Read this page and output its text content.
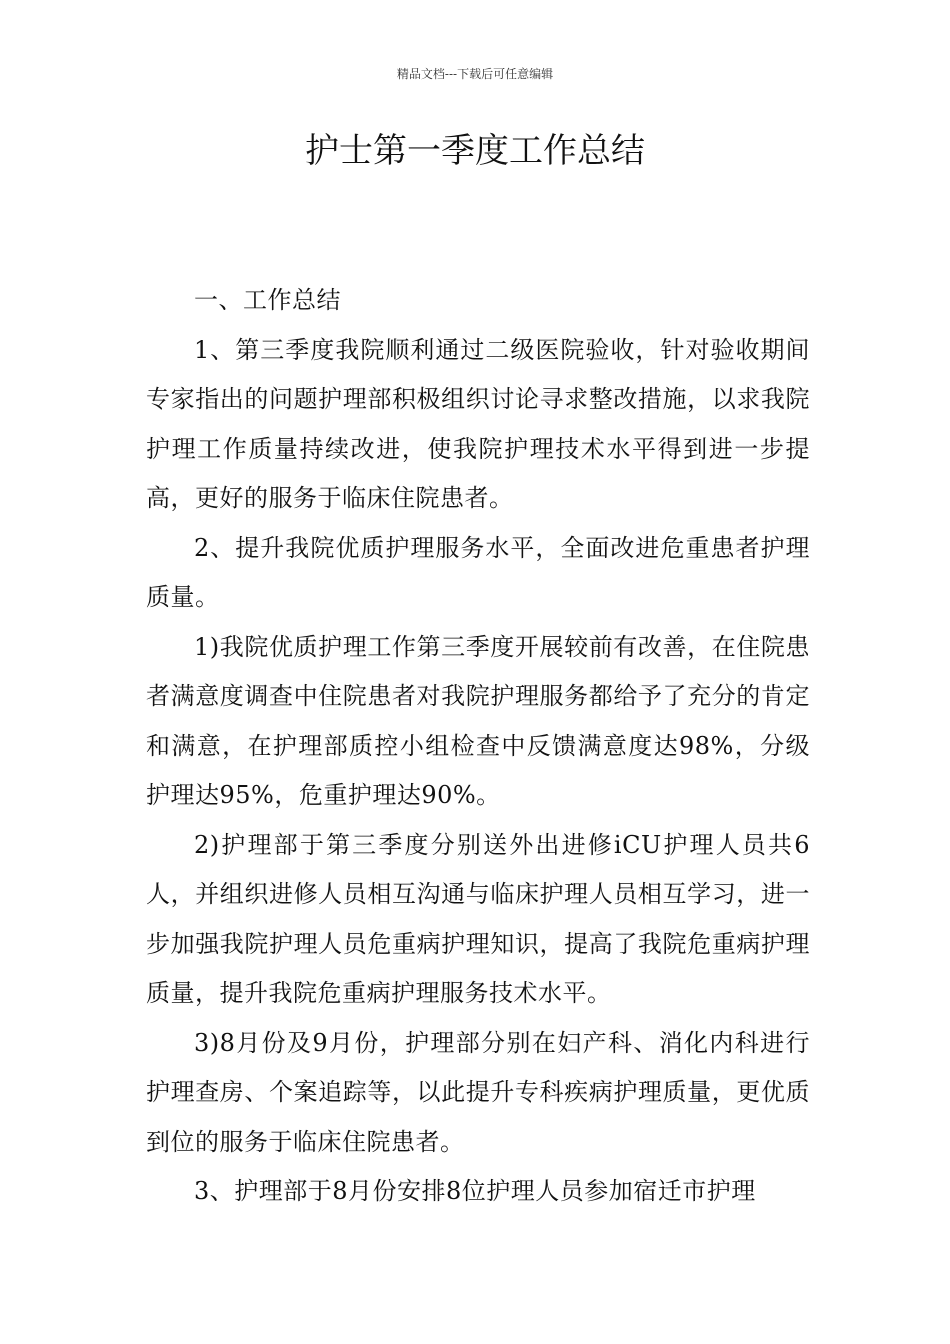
精品文档---下载后可任意编辑
护士第一季度工作总结

一、工作总结

1、第三季度我院顺利通过二级医院验收，针对验收期间专家指出的问题护理部积极组织讨论寻求整改措施，以求我院护理工作质量持续改进，使我院护理技术水平得到进一步提高，更好的服务于临床住院患者。

2、提升我院优质护理服务水平，全面改进危重患者护理质量。

1)我院优质护理工作第三季度开展较前有改善，在住院患者满意度调查中住院患者对我院护理服务都给予了充分的肯定和满意，在护理部质控小组检查中反馈满意度达98%，分级护理达95%，危重护理达90%。

2)护理部于第三季度分别送外出进修iCU护理人员共6人，并组织进修人员相互沟通与临床护理人员相互学习，进一步加强我院护理人员危重病护理知识，提高了我院危重病护理质量，提升我院危重病护理服务技术水平。

3)8月份及9月份，护理部分别在妇产科、消化内科进行护理查房、个案追踪等，以此提升专科疾病护理质量，更优质到位的服务于临床住院患者。

3、护理部于8月份安排8位护理人员参加宿迁市护理
